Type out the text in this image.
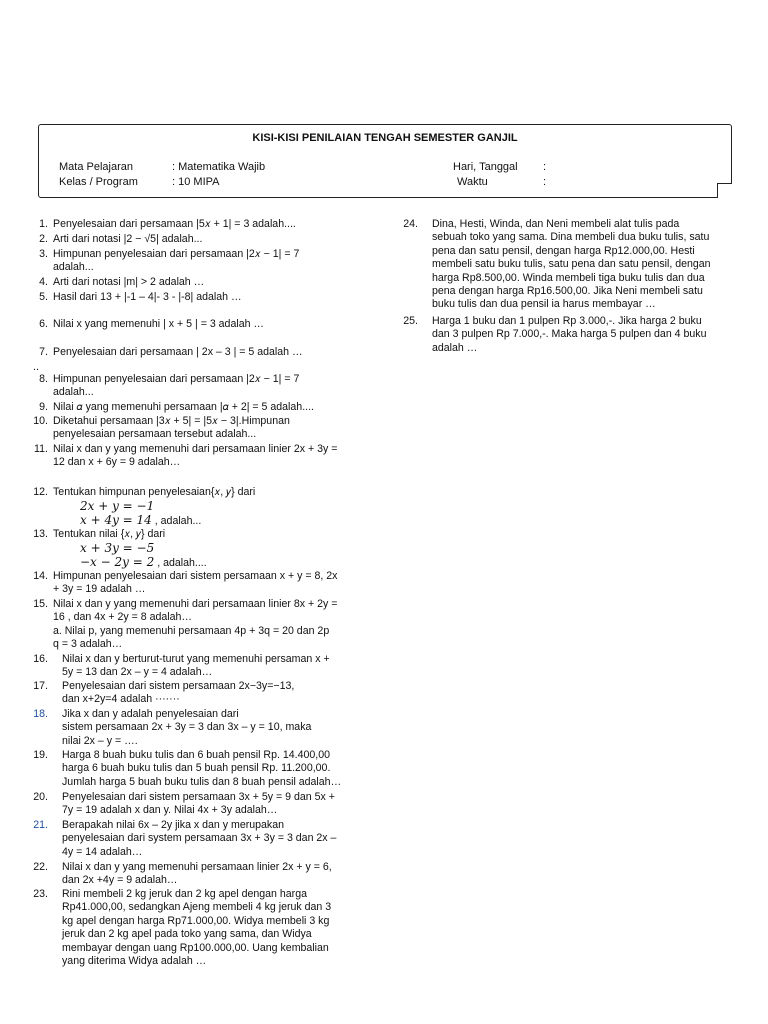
KISI-KISI PENILAIAN TENGAH SEMESTER GANJIL
Mata Pelajaran	: Matematika Wajib
Kelas / Program	: 10 MIPA
Hari, Tanggal :
Waktu	:
1. Penyelesaian dari persamaan |5𝑥 + 1| = 3 adalah....
2. Arti dari notasi |2 − √5| adalah...
3. Himpunan penyelesaian dari persamaan |2𝑥 − 1| = 7
adalah...
4. Arti dari notasi |m| > 2 adalah …
5. Hasil dari 13 + |-1 – 4|- 3 - |-8| adalah …
6. Nilai x yang memenuhi | x + 5 | = 3 adalah …
7. Penyelesaian dari persamaan | 2x – 3 | = 5 adalah …
8. Himpunan penyelesaian dari persamaan |2𝑥 − 1| = 7
adalah...
9. Nilai 𝛼 yang memenuhi persamaan |𝛼 + 2| = 5 adalah....
10. Diketahui persamaan |3𝑥 + 5| = |5𝑥 − 3|.Himpunan
penyelesaian persamaan tersebut adalah...
11. Nilai x dan y yang memenuhi dari persamaan linier 2x + 3y =
12 dan x + 6y = 9 adalah…
12. Tentukan himpunan penyelesaian{𝑥, 𝑦} dari
13. Tentukan nilai {𝑥, 𝑦} dari
14. Himpunan penyelesaian dari sistem persamaan x + y = 8, 2x
+ 3y = 19 adalah …
15. Nilai x dan y yang memenuhi dari persamaan linier 8x + 2y =
16 , dan 4x + 2y = 8 adalah…
a. Nilai p, yang memenuhi persamaan 4p + 3q = 20 dan 2p
q = 3 adalah…
16. Nilai x dan y berturut-turut yang memenuhi persaman x +
5y = 13 dan 2x – y = 4 adalah…
17. Penyelesaian dari sistem persamaan 2x−3y=−13,
dan x+2y=4 adalah ·······
18. Jika x dan y adalah penyelesaian dari
sistem persamaan 2x + 3y = 3 dan 3x – y = 10, maka
nilai 2x – y = ….
19. Harga 8 buah buku tulis dan 6 buah pensil Rp. 14.400,00
harga 6 buah buku tulis dan 5 buah pensil Rp. 11.200,00.
Jumlah harga 5 buah buku tulis dan 8 buah pensil adalah…
20. Penyelesaian dari sistem persamaan 3x + 5y = 9 dan 5x +
7y = 19 adalah x dan y. Nilai 4x + 3y adalah…
21. Berapakah nilai 6x – 2y jika x dan y merupakan
penyelesaian dari system persamaan 3x + 3y = 3 dan 2x –
4y = 14 adalah…
22. Nilai x dan y yang memenuhi persamaan linier 2x + y = 6,
dan 2x +4y = 9 adalah…
23. Rini membeli 2 kg jeruk dan 2 kg apel dengan harga
Rp41.000,00, sedangkan Ajeng membeli 4 kg jeruk dan 3
kg apel dengan harga Rp71.000,00. Widya membeli 3 kg
jeruk dan 2 kg apel pada toko yang sama, dan Widya
membayar dengan uang Rp100.000,00. Uang kembalian
yang diterima Widya adalah …
24. Dina, Hesti, Winda, dan Neni membeli alat tulis pada
sebuah toko yang sama. Dina membeli dua buku tulis, satu
pena dan satu pensil, dengan harga Rp12.000,00. Hesti
membeli satu buku tulis, satu pena dan satu pensil, dengan
harga Rp8.500,00. Winda membeli tiga buku tulis dan dua
pena dengan harga Rp16.500,00. Jika Neni membeli satu
buku tulis dan dua pensil ia harus membayar …
25. Harga 1 buku dan 1 pulpen Rp 3.000,-. Jika harga 2 buku
dan 3 pulpen Rp 7.000,-. Maka harga 5 pulpen dan 4 buku
adalah …
..
2𝑥 + 𝑦 = −1
𝑥 + 4𝑦 = 14 , adalah...
𝑥 + 3𝑦 = −5
−𝑥 − 2𝑦 = 2 , adalah....
